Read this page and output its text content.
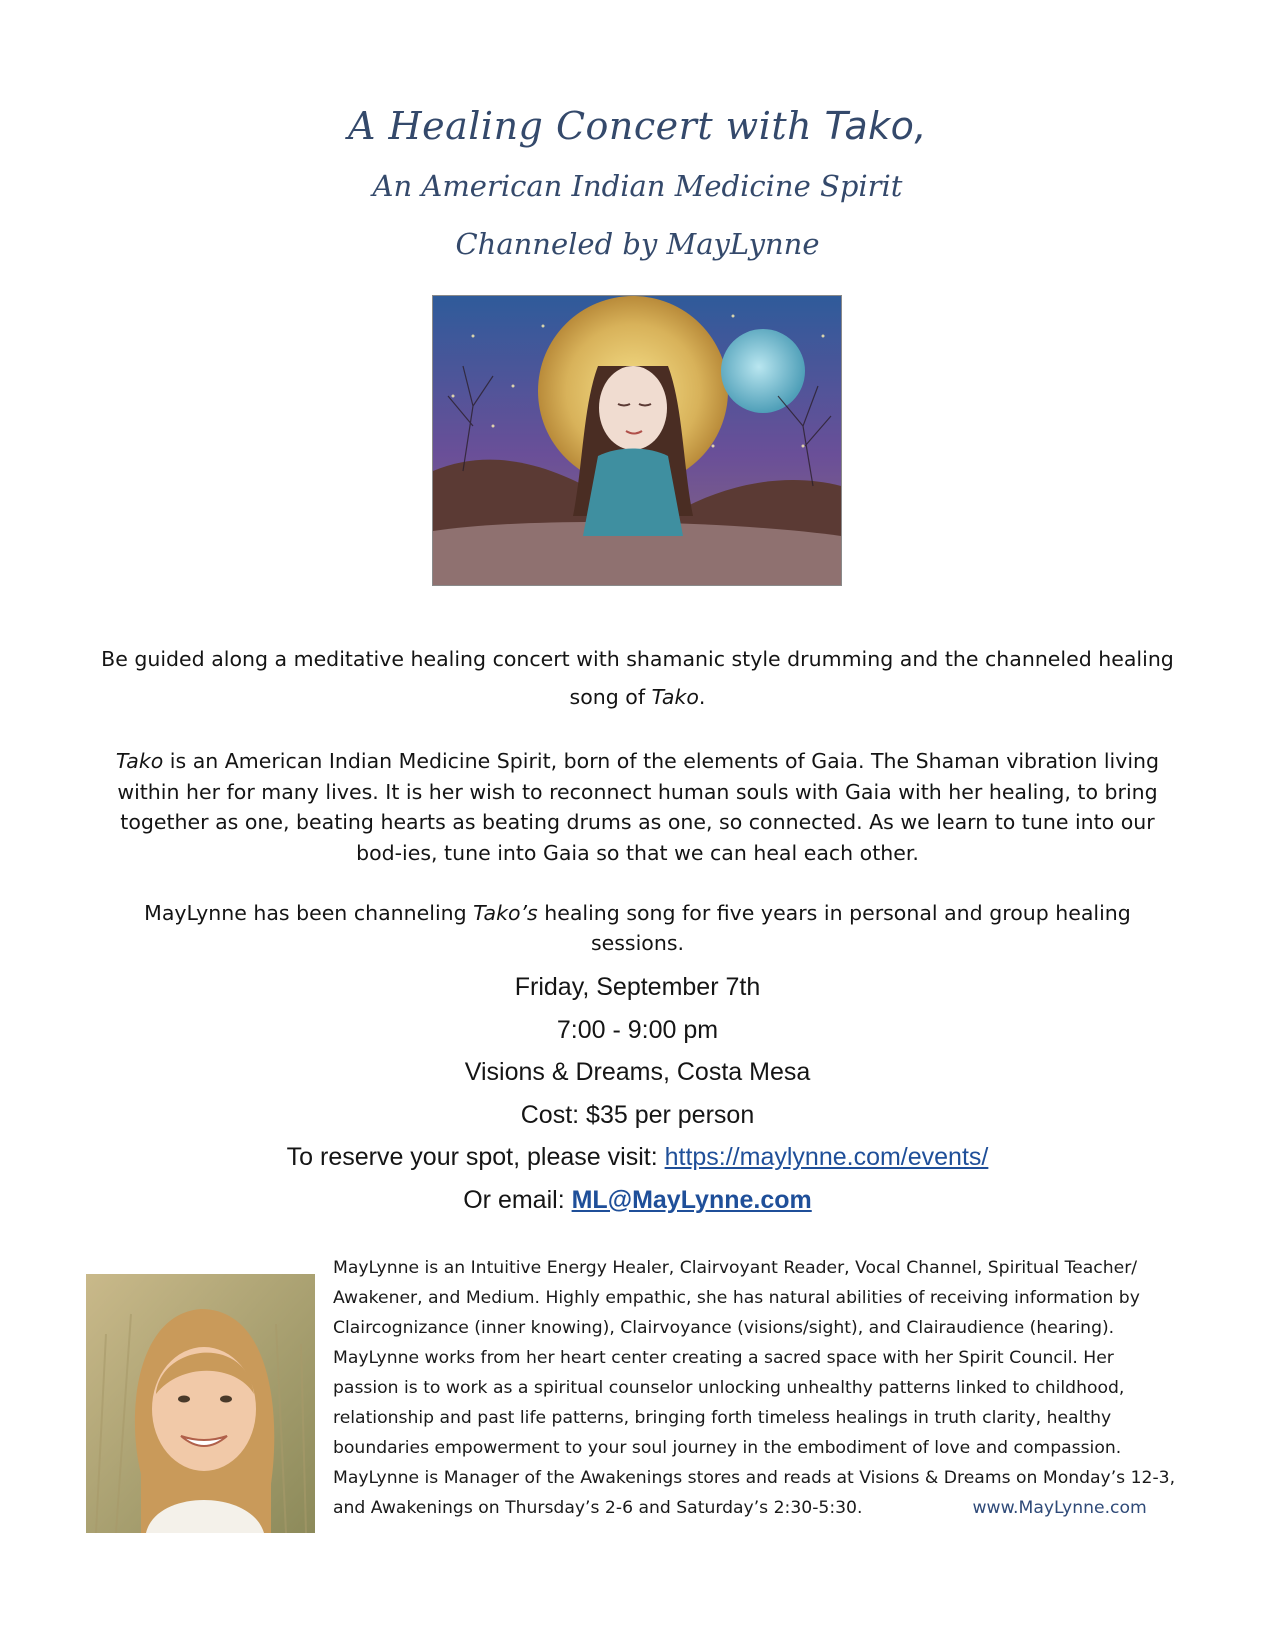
A Healing Concert with Tako,
An American Indian Medicine Spirit
Channeled by MayLynne
Be guided along a meditative healing concert with shamanic style drumming and the channeled healing song of Tako.
Tako is an American Indian Medicine Spirit, born of the elements of Gaia. The Shaman vibration living within her for many lives. It is her wish to reconnect human souls with Gaia with her healing, to bring together as one, beating hearts as beating drums as one, so connected. As we learn to tune into our bod-ies, tune into Gaia so that we can heal each other.
MayLynne has been channeling Tako’s healing song for five years in personal and group healing sessions.
Friday, September 7th
7:00 - 9:00 pm
Visions & Dreams, Costa Mesa
Cost: $35 per person
To reserve your spot, please visit: https://maylynne.com/events/
Or email: ML@MayLynne.com
MayLynne is an Intuitive Energy Healer, Clairvoyant Reader, Vocal Channel, Spiritual Teacher/ Awakener, and Medium. Highly empathic, she has natural abilities of receiving information by Claircognizance (inner knowing), Clairvoyance (visions/sight), and Clairaudience (hearing). MayLynne works from her heart center creating a sacred space with her Spirit Council. Her passion is to work as a spiritual counselor unlocking unhealthy patterns linked to childhood, relationship and past life patterns, bringing forth timeless healings in truth clarity, healthy boundaries empowerment to your soul journey in the embodiment of love and compassion. MayLynne is Manager of the Awakenings stores and reads at Visions & Dreams on Monday’s 12-3, and Awakenings on Thursday’s 2-6 and Saturday’s 2:30-5:30.	www.MayLynne.com
